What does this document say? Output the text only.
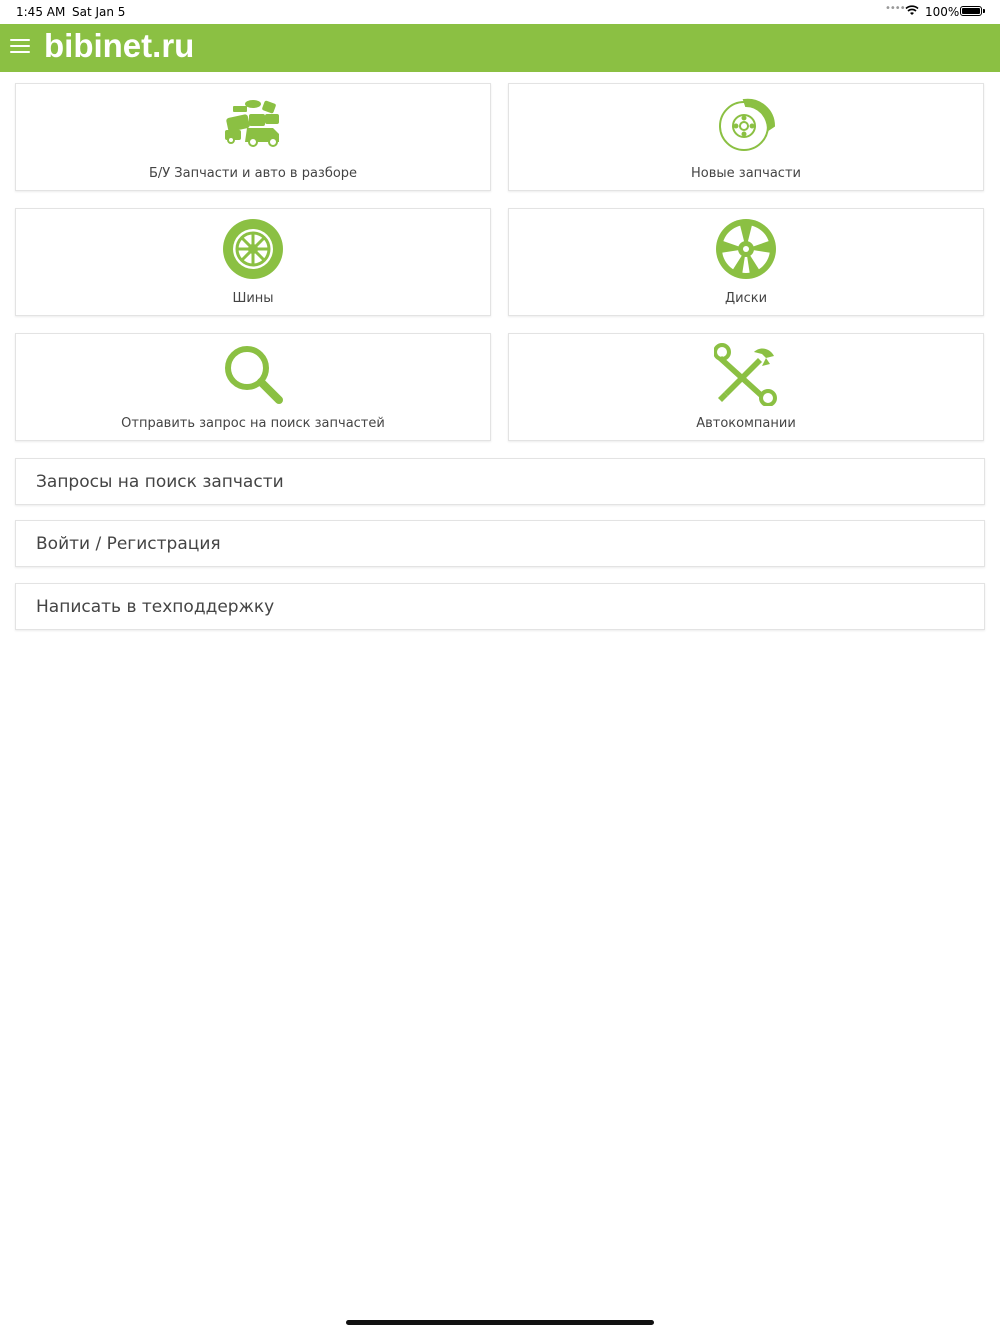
1:45 AM Sat Jan 5	•••• 100%
bibinet.ru
Б/У Запчасти и авто в разборе	Новые запчасти
Шины	Диски
Отправить запрос на поиск запчастей	Автокомпании
Запросы на поиск запчасти
Войти / Регистрация
Написать в техподдержку
